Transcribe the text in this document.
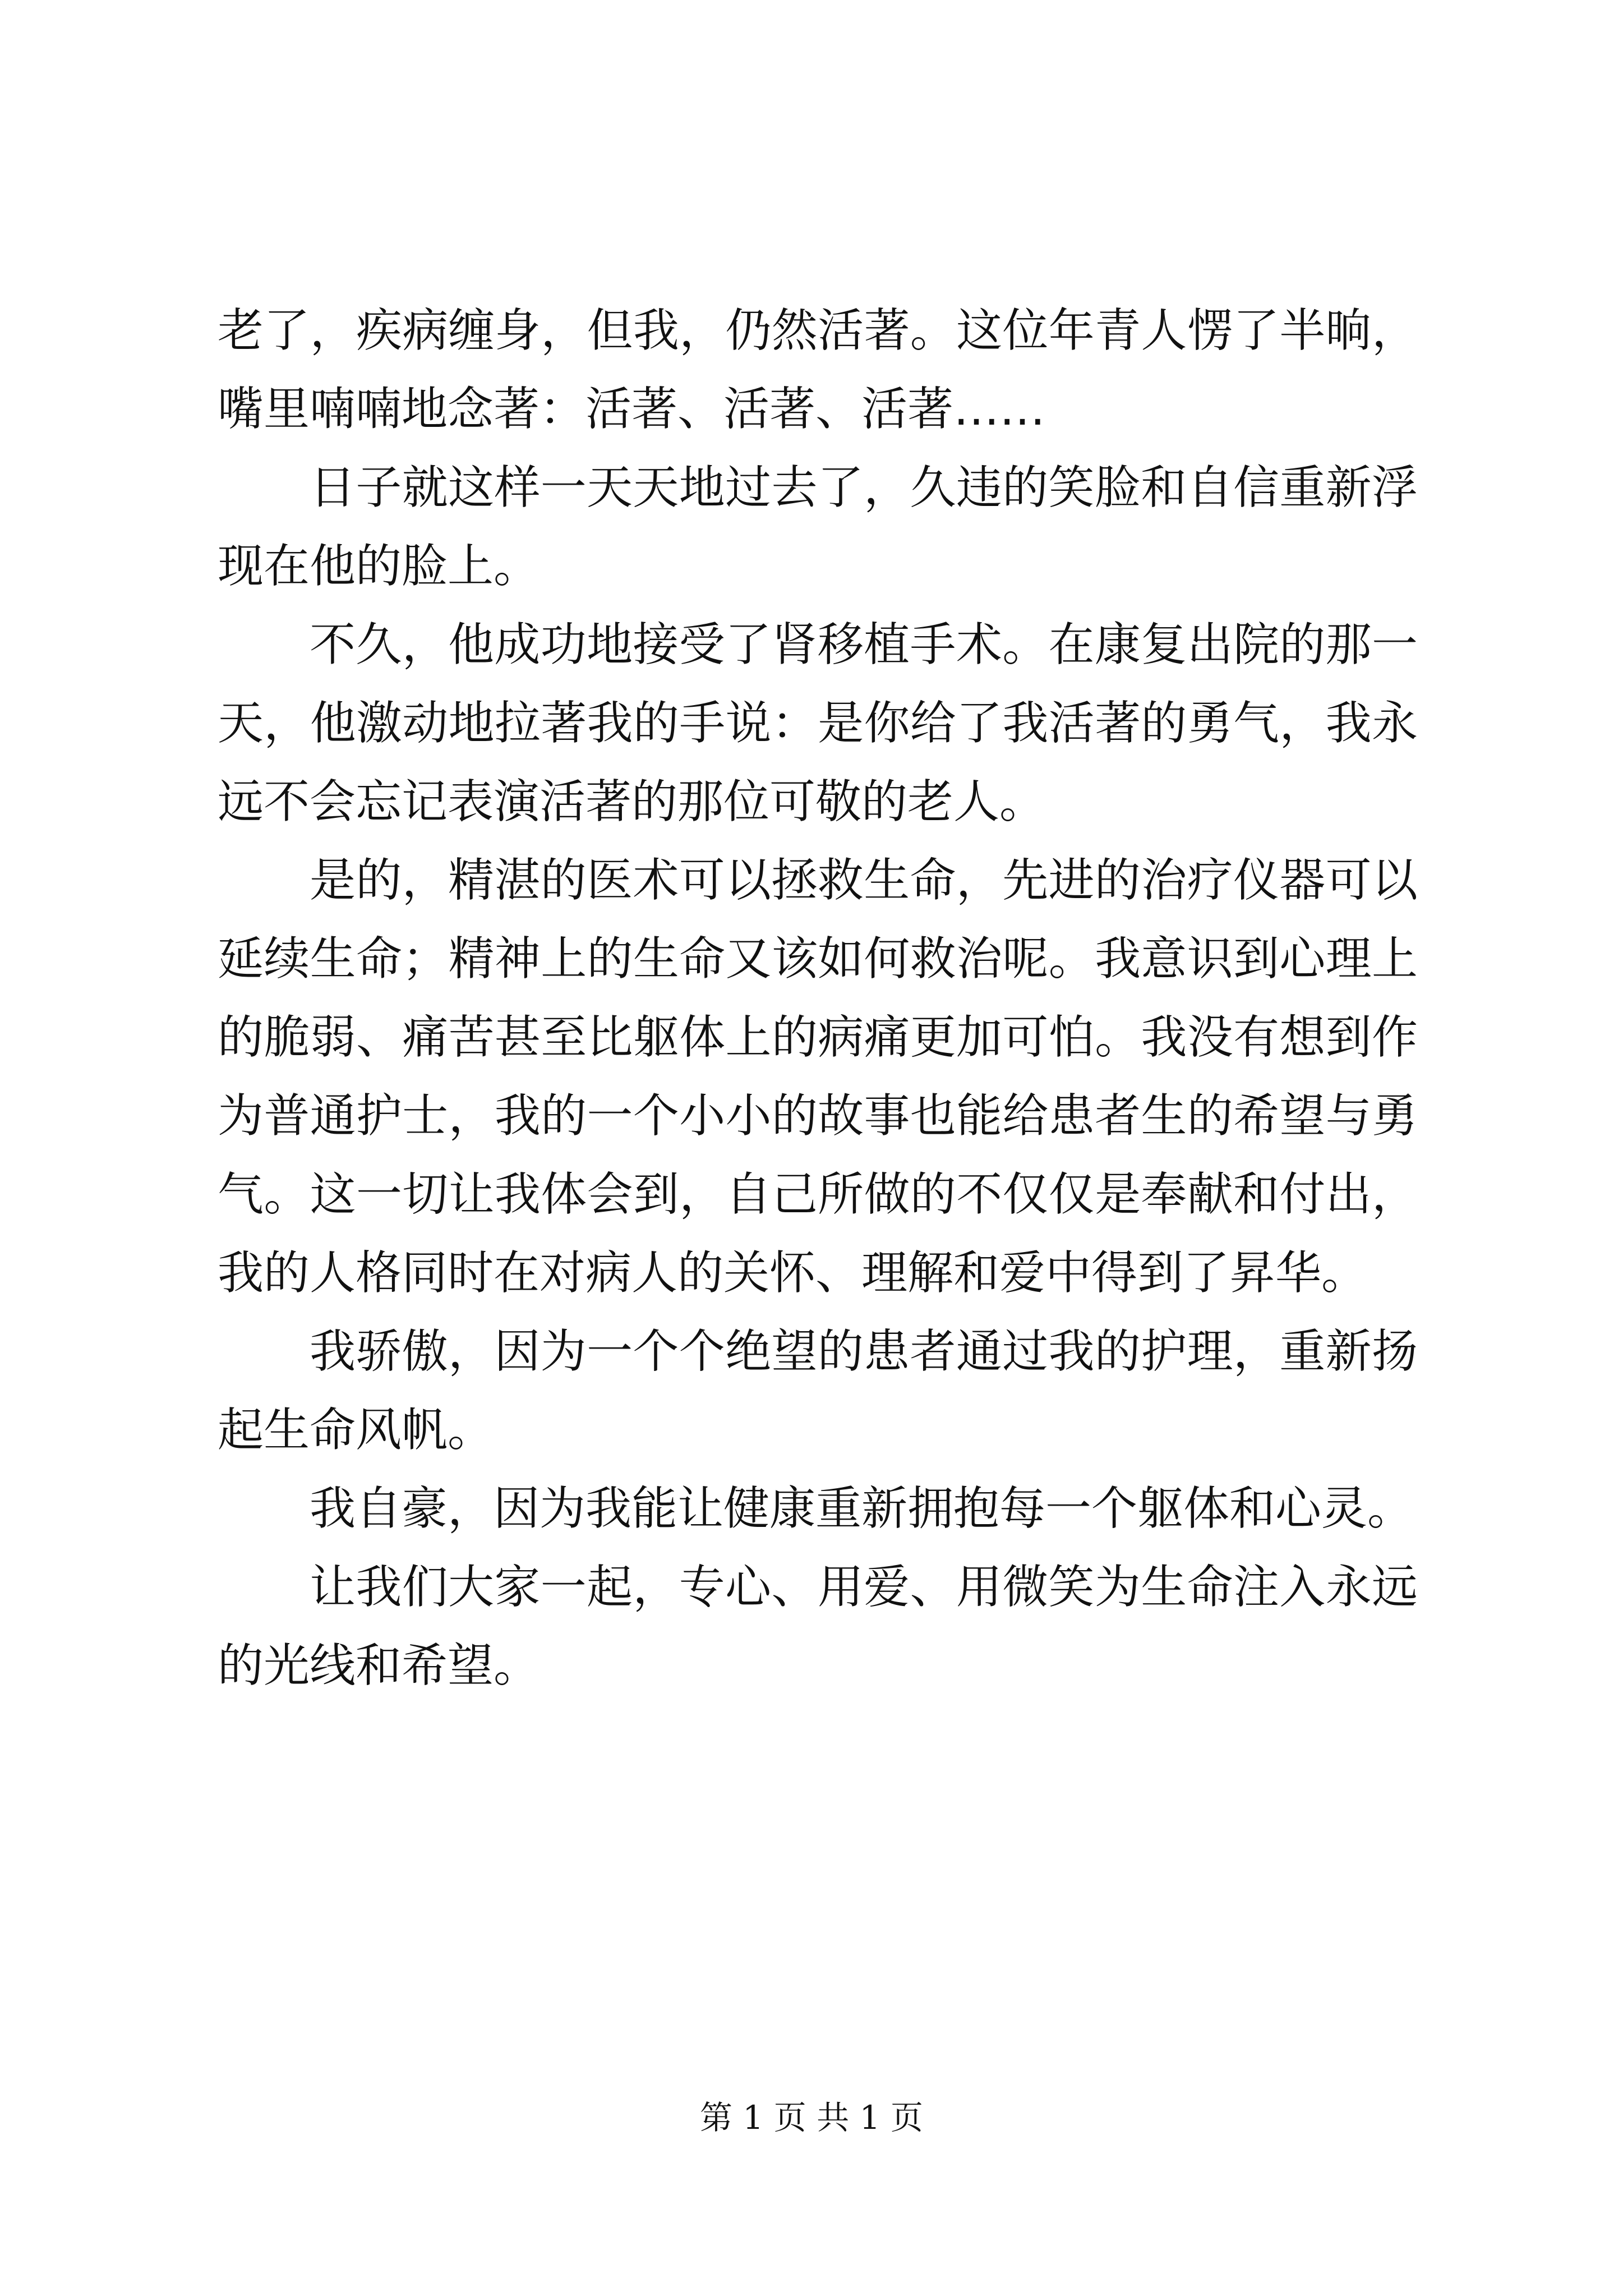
老了，疾病缠身，但我，仍然活著。这位年青人愣了半晌，嘴里喃喃地念著：活著、活著、活著……

日子就这样一天天地过去了，久违的笑脸和自信重新浮现在他的脸上。

不久，他成功地接受了肾移植手术。在康复出院的那一天，他激动地拉著我的手说：是你给了我活著的勇气，我永远不会忘记表演活著的那位可敬的老人。

是的，精湛的医术可以拯救生命，先进的治疗仪器可以延续生命；精神上的生命又该如何救治呢。我意识到心理上的脆弱、痛苦甚至比躯体上的病痛更加可怕。我没有想到作为普通护士，我的一个小小的故事也能给患者生的希望与勇气。这一切让我体会到，自己所做的不仅仅是奉献和付出，我的人格同时在对病人的关怀、理解和爱中得到了昇华。

我骄傲，因为一个个绝望的患者通过我的护理，重新扬起生命风帆。

我自豪，因为我能让健康重新拥抱每一个躯体和心灵。

让我们大家一起，专心、用爱、用微笑为生命注入永远的光线和希望。

第 1 页 共 1 页
